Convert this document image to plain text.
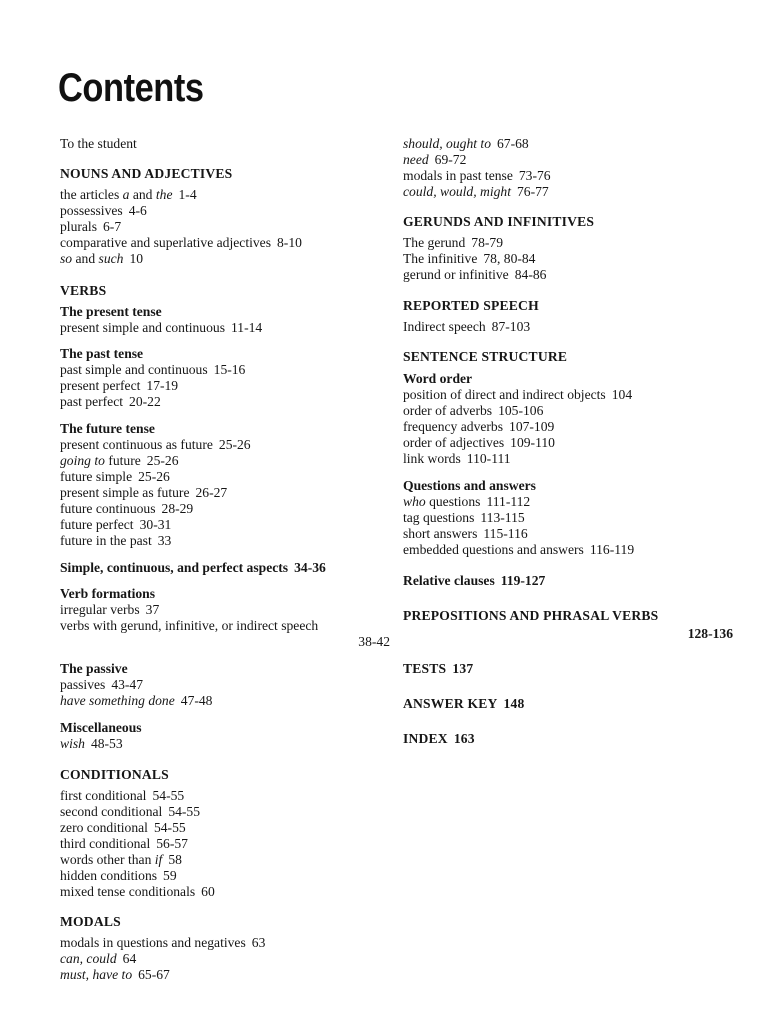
Contents
To the student
NOUNS AND ADJECTIVES
the articles a and the 1-4
possessives 4-6
plurals 6-7
comparative and superlative adjectives 8-10
so and such 10
VERBS
The present tense
present simple and continuous 11-14
The past tense
past simple and continuous 15-16
present perfect 17-19
past perfect 20-22
The future tense
present continuous as future 25-26
going to future 25-26
future simple 25-26
present simple as future 26-27
future continuous 28-29
future perfect 30-31
future in the past 33
Simple, continuous, and perfect aspects 34-36
Verb formations
irregular verbs 37
verbs with gerund, infinitive, or indirect speech
38-42
The passive
passives 43-47
have something done 47-48
Miscellaneous
wish 48-53
CONDITIONALS
first conditional 54-55
second conditional 54-55
zero conditional 54-55
third conditional 56-57
words other than if 58
hidden conditions 59
mixed tense conditionals 60
MODALS
modals in questions and negatives 63
can, could 64
must, have to 65-67
should, ought to 67-68
need 69-72
modals in past tense 73-76
could, would, might 76-77
GERUNDS AND INFINITIVES
The gerund 78-79
The infinitive 78, 80-84
gerund or infinitive 84-86
REPORTED SPEECH
Indirect speech 87-103
SENTENCE STRUCTURE
Word order
position of direct and indirect objects 104
order of adverbs 105-106
frequency adverbs 107-109
order of adjectives 109-110
link words 110-111
Questions and answers
who questions 111-112
tag questions 113-115
short answers 115-116
embedded questions and answers 116-119
Relative clauses 119-127
PREPOSITIONS AND PHRASAL VERBS
128-136
TESTS 137
ANSWER KEY 148
INDEX 163
